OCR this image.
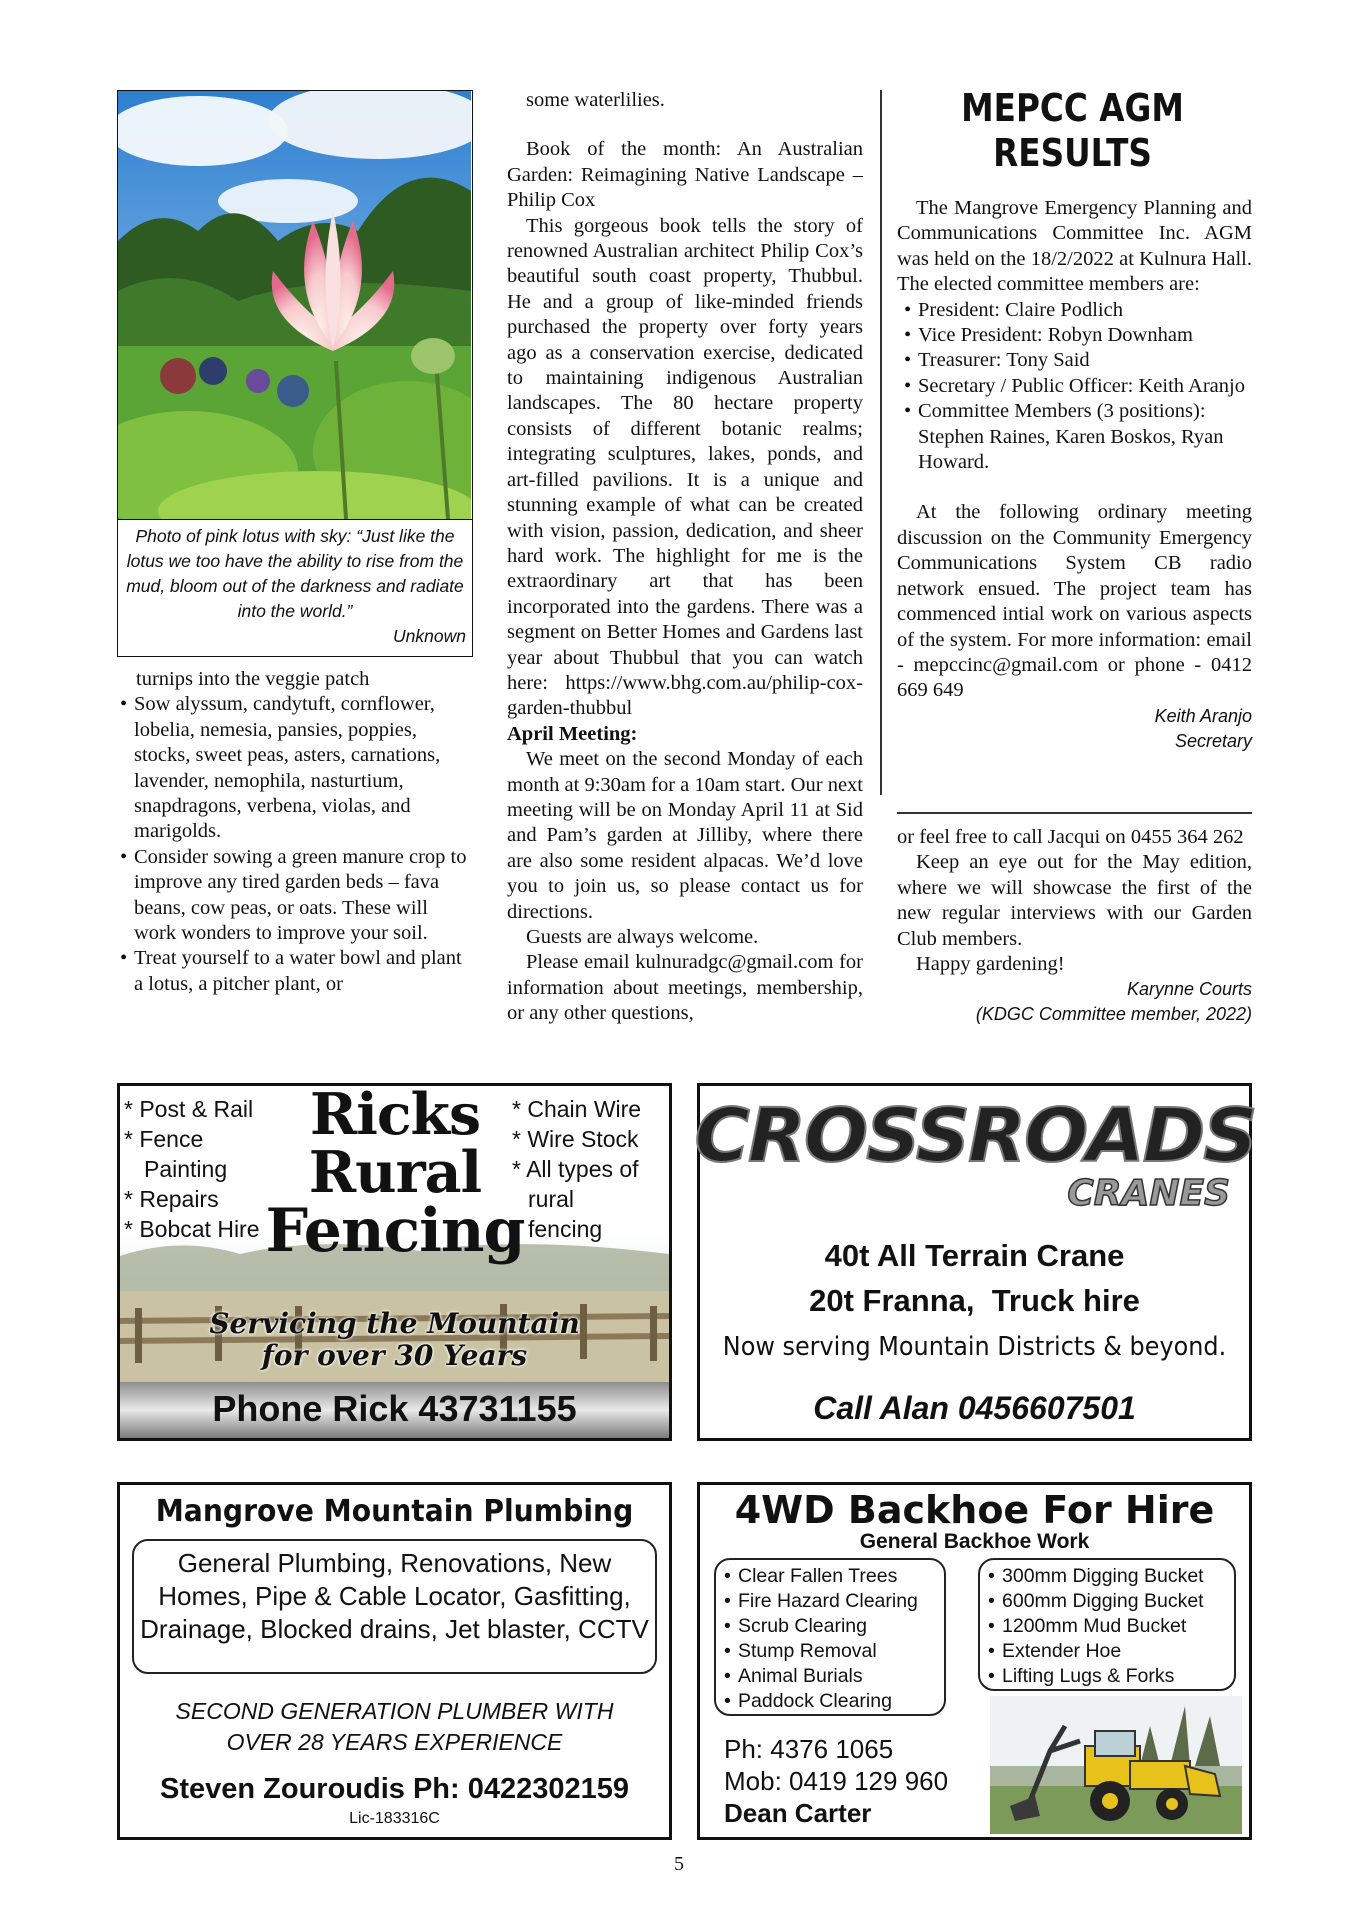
Photo of pink lotus with sky: “Just like the lotus we too have the ability to rise from the mud, bloom out of the darkness and radiate into the world.”
Unknown

turnips into the veggie patch

• Sow alyssum, candytuft, cornflower, lobelia, nemesia, pansies, poppies, stocks, sweet peas, asters, carnations, lavender, nemophila, nasturtium, snapdragons, verbena, violas, and marigolds.
• Consider sowing a green manure crop to improve any tired garden beds – fava beans, cow peas, or oats. These will work wonders to improve your soil.
• Treat yourself to a water bowl and plant a lotus, a pitcher plant, or

some waterlilies.

Book of the month: An Australian Garden: Reimagining Native Landscape – Philip Cox

This gorgeous book tells the story of renowned Australian architect Philip Cox’s beautiful south coast property, Thubbul. He and a group of like-minded friends purchased the property over forty years ago as a conservation exercise, dedicated to maintaining indigenous Australian landscapes. The 80 hectare property consists of different botanic realms; integrating sculptures, lakes, ponds, and art-filled pavilions. It is a unique and stunning example of what can be created with vision, passion, dedication, and sheer hard work. The highlight for me is the extraordinary art that has been incorporated into the gardens. There was a segment on Better Homes and Gardens last year about Thubbul that you can watch here: https://www.bhg.com.au/philip-cox-garden-thubbul

April Meeting:

We meet on the second Monday of each month at 9:30am for a 10am start. Our next meeting will be on Monday April 11 at Sid and Pam’s garden at Jilliby, where there are also some resident alpacas. We’d love you to join us, so please contact us for directions.

Guests are always welcome.

Please email kulnuradgc@gmail.com for information about meetings, membership, or any other questions,

MEPCC AGM
RESULTS

The Mangrove Emergency Planning and Communications Committee Inc. AGM was held on the 18/2/2022 at Kulnura Hall. The elected committee members are:

• President: Claire Podlich
• Vice President: Robyn Downham
• Treasurer: Tony Said
• Secretary / Public Officer: Keith Aranjo
• Committee Members (3 positions): Stephen Raines, Karen Boskos, Ryan Howard.

At the following ordinary meeting discussion on the Community Emergency Communications System CB radio network ensued. The project team has commenced intial work on various aspects of the system. For more information: email - mepccinc@gmail.com or phone - 0412 669 649

Keith Aranjo
Secretary

or feel free to call Jacqui on 0455 364 262

Keep an eye out for the May edition, where we will showcase the first of the new regular interviews with our Garden Club members.

Happy gardening!

Karynne Courts
(KDGC Committee member, 2022)
* Post & Rail
* Fence
Painting
* Repairs
* Bobcat Hire
Ricks
Rural
Fencing
* Chain Wire
* Wire Stock
* All types of
rural
fencing
Servicing the Mountain
for over 30 Years
Phone Rick 43731155
CROSSROADS
CRANES
40t All Terrain Crane
20t Franna,  Truck hire
Now serving Mountain Districts & beyond.
Call Alan 0456607501
Mangrove Mountain Plumbing
General Plumbing, Renovations, New Homes, Pipe & Cable Locator, Gasfitting, Drainage, Blocked drains, Jet blaster, CCTV
SECOND GENERATION PLUMBER WITH
OVER 28 YEARS EXPERIENCE
Steven Zouroudis Ph: 0422302159
Lic-183316C
4WD Backhoe For Hire
General Backhoe Work
• Clear Fallen Trees
• Fire Hazard Clearing
• Scrub Clearing
• Stump Removal
• Animal Burials
• Paddock Clearing
• 300mm Digging Bucket
• 600mm Digging Bucket
• 1200mm Mud Bucket
• Extender Hoe
• Lifting Lugs & Forks
Ph: 4376 1065
Mob: 0419 129 960
Dean Carter
5
